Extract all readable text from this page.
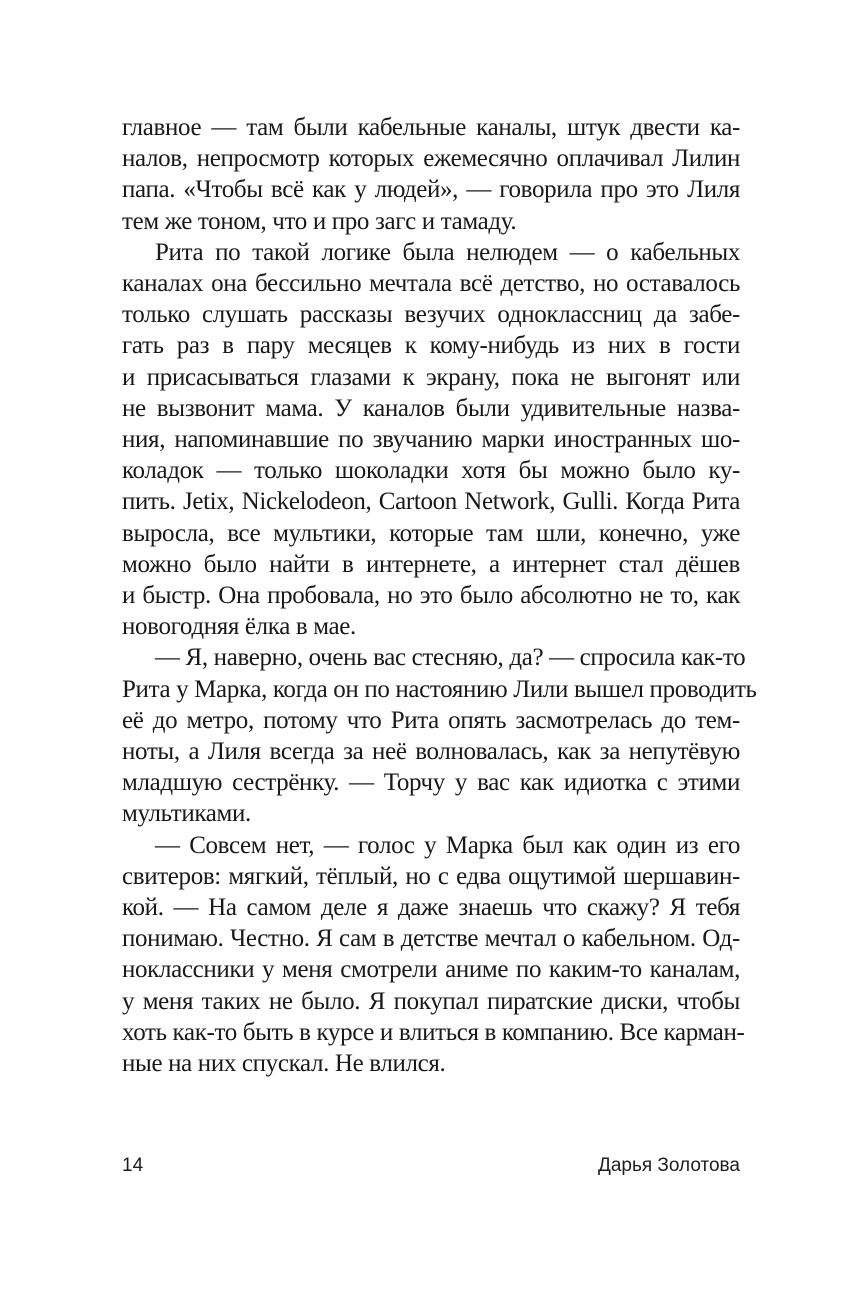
главное — там были кабельные каналы, штук двести ка-
налов, непросмотр которых ежемесячно оплачивал Лилин
папа. «Чтобы всё как у людей», — говорила про это Лиля
тем же тоном, что и про загс и тамаду.

Рита по такой логике была нелюдем — о кабельных
каналах она бессильно мечтала всё детство, но оставалось
только слушать рассказы везучих одноклассниц да забе-
гать раз в пару месяцев к кому-нибудь из них в гости
и присасываться глазами к экрану, пока не выгонят или
не вызвонит мама. У каналов были удивительные назва-
ния, напоминавшие по звучанию марки иностранных шо-
коладок — только шоколадки хотя бы можно было ку-
пить. Jetix, Nickelodeon, Cartoon Network, Gulli. Когда Рита
выросла, все мультики, которые там шли, конечно, уже
можно было найти в интернете, а интернет стал дёшев
и быстр. Она пробовала, но это было абсолютно не то, как
новогодняя ёлка в мае.

— Я, наверно, очень вас стесняю, да? — спросила как-то
Рита у Марка, когда он по настоянию Лили вышел проводить
её до метро, потому что Рита опять засмотрелась до тем-
ноты, а Лиля всегда за неё волновалась, как за непутёвую
младшую сестрёнку. — Торчу у вас как идиотка с этими
мультиками.

— Совсем нет, — голос у Марка был как один из его
свитеров: мягкий, тёплый, но с едва ощутимой шершавин-
кой. — На самом деле я даже знаешь что скажу? Я тебя
понимаю. Честно. Я сам в детстве мечтал о кабельном. Од-
ноклассники у меня смотрели аниме по каким-то каналам,
у меня таких не было. Я покупал пиратские диски, чтобы
хоть как-то быть в курсе и влиться в компанию. Все карман-
ные на них спускал. Не влился.

14	Дарья Золотова
